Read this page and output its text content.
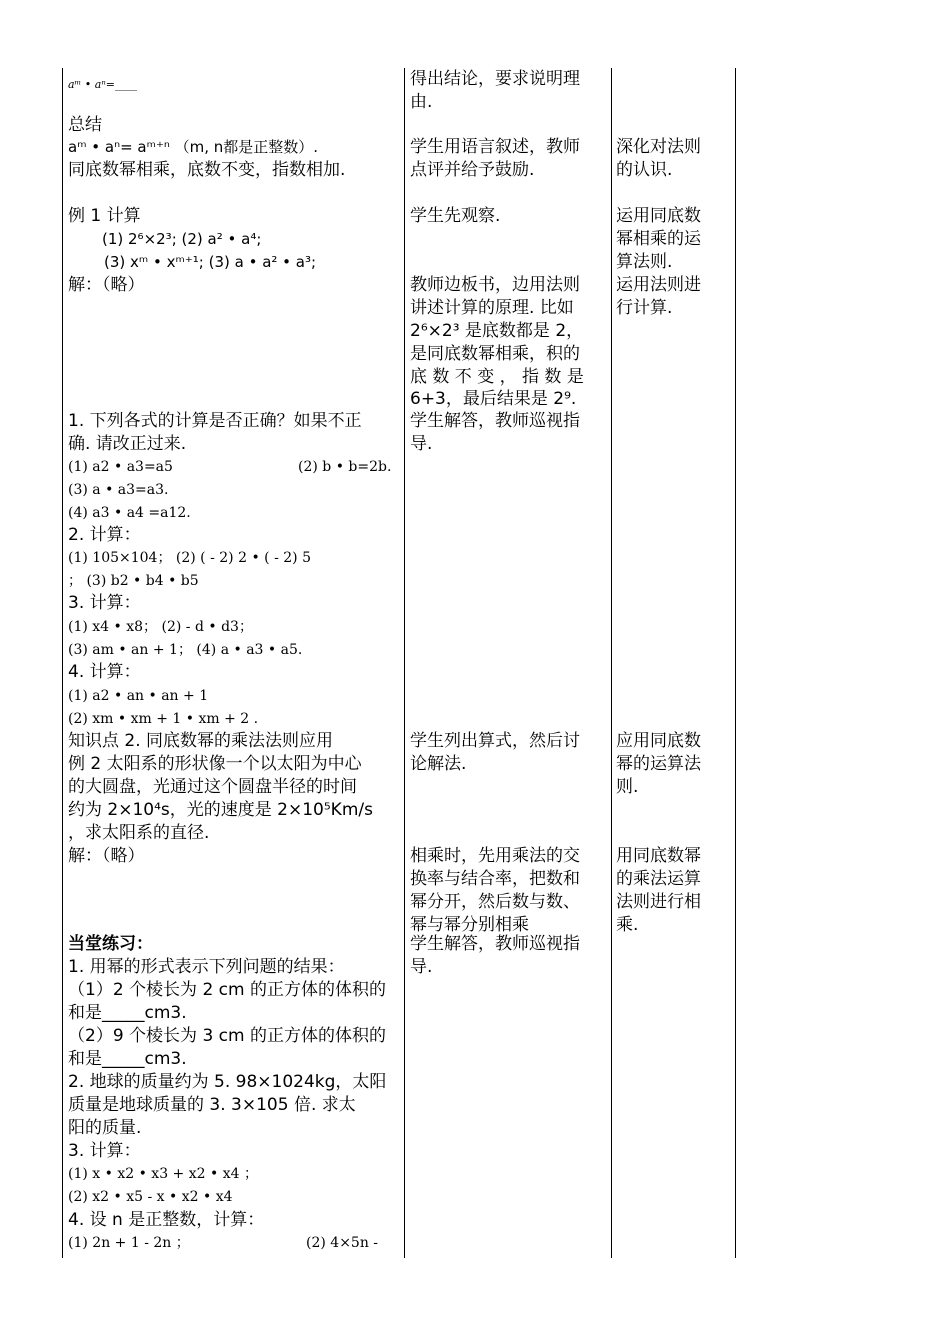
aᵐ • aⁿ=____
总结
aᵐ • aⁿ= aᵐ⁺ⁿ （m, n都是正整数）.
同底数幂相乘，底数不变，指数相加.
例 1 计算
(1) 2⁶×2³; (2) a² • a⁴;
(3) xᵐ • xᵐ⁺¹; (3) a • a² • a³;
解：（略）
1. 下列各式的计算是否正确？如果不正
确. 请改正过来.
(1) a2 • a3=a5	(2) b • b=2b.
(3) a • a3=a3.
(4) a3 • a4 =a12.
2. 计算：
(1) 105×104； (2) ( - 2) 2 • ( - 2) 5
； (3) b2 • b4 • b5
3. 计算：
(1) x4 • x8； (2) - d • d3；
(3) am • an + 1； (4) a • a3 • a5.
4. 计算：
(1) a2 • an • an + 1
(2) xm • xm + 1 • xm + 2 .
知识点 2. 同底数幂的乘法法则应用
例 2 太阳系的形状像一个以太阳为中心
的大圆盘，光通过这个圆盘半径的时间
约为 2×10⁴s，光的速度是 2×10⁵Km/s
，求太阳系的直径.
解：（略）
当堂练习：
1. 用幂的形式表示下列问题的结果：
（1）2 个棱长为 2 cm 的正方体的体积的
和是_____cm3.
（2）9 个棱长为 3 cm 的正方体的体积的
和是_____cm3.
2. 地球的质量约为 5. 98×1024kg，太阳
质量是地球质量的 3. 3×105 倍. 求太
阳的质量.
3. 计算：
(1) x • x2 • x3 + x2 • x4 ；
(2) x2 • x5 - x • x2 • x4
4. 设 n 是正整数，计算：
(1) 2n + 1 - 2n ；	(2) 4×5n -
得出结论，要求说明理
由.
学生用语言叙述，教师
点评并给予鼓励.
学生先观察.
教师边板书，边用法则
讲述计算的原理. 比如
2⁶×2³ 是底数都是 2，
是同底数幂相乘，积的
底 数 不 变 ， 指 数 是
6+3，最后结果是 2⁹.
学生解答，教师巡视指
导.
学生列出算式，然后讨
论解法.
相乘时，先用乘法的交
换率与结合率，把数和
幂分开，然后数与数、
幂与幂分别相乘
学生解答，教师巡视指
导.
深化对法则
的认识.
运用同底数
幂相乘的运
算法则.
运用法则进
行计算.
应用同底数
幂的运算法
则.
用同底数幂
的乘法运算
法则进行相
乘.
